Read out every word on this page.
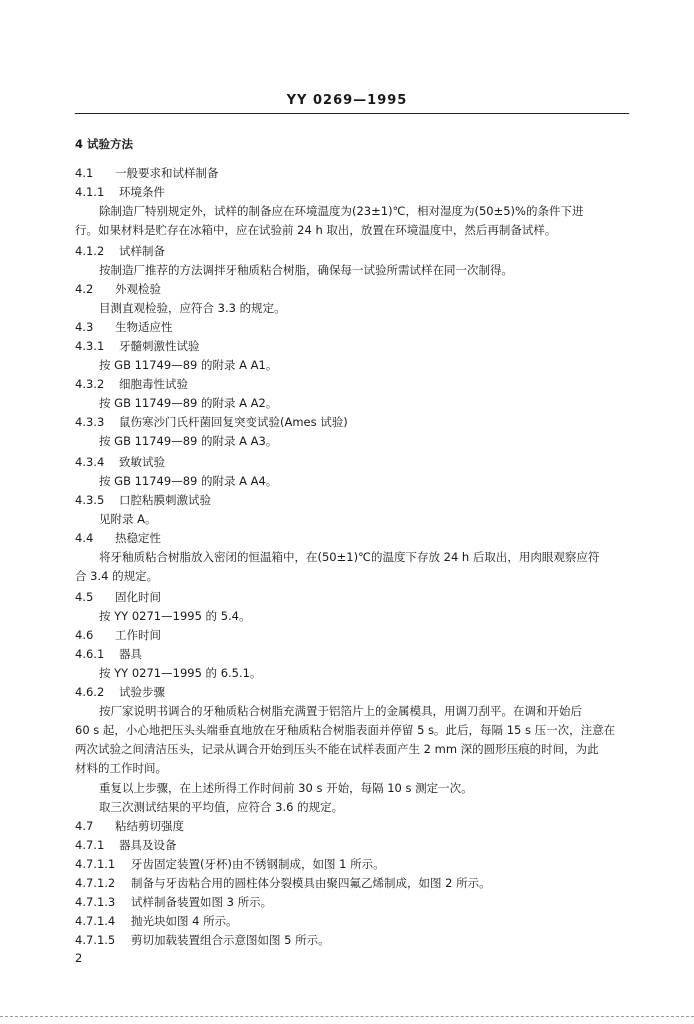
YY 0269—1995
4 试验方法
4.1 一般要求和试样制备
4.1.1 环境条件
除制造厂特别规定外，试样的制备应在环境温度为(23±1)℃，相对湿度为(50±5)%的条件下进
行。如果材料是贮存在冰箱中，应在试验前 24 h 取出，放置在环境温度中，然后再制备试样。
4.1.2 试样制备
按制造厂推荐的方法调拌牙釉质粘合树脂，确保每一试验所需试样在同一次制得。
4.2 外观检验
目测直观检验，应符合 3.3 的规定。
4.3 生物适应性
4.3.1 牙髓刺激性试验
按 GB 11749—89 的附录 A A1。
4.3.2 细胞毒性试验
按 GB 11749—89 的附录 A A2。
4.3.3 鼠伤寒沙门氏杆菌回复突变试验(Ames 试验)
按 GB 11749—89 的附录 A A3。
4.3.4 致敏试验
按 GB 11749—89 的附录 A A4。
4.3.5 口腔粘膜刺激试验
见附录 A。
4.4 热稳定性
将牙釉质粘合树脂放入密闭的恒温箱中，在(50±1)℃的温度下存放 24 h 后取出，用肉眼观察应符
合 3.4 的规定。
4.5 固化时间
按 YY 0271—1995 的 5.4。
4.6 工作时间
4.6.1 器具
按 YY 0271—1995 的 6.5.1。
4.6.2 试验步骤
按厂家说明书调合的牙釉质粘合树脂充满置于铝箔片上的金属模具，用调刀刮平。在调和开始后
60 s 起，小心地把压头头端垂直地放在牙釉质粘合树脂表面并停留 5 s。此后，每隔 15 s 压一次，注意在
两次试验之间清洁压头，记录从调合开始到压头不能在试样表面产生 2 mm 深的圆形压痕的时间，为此
材料的工作时间。
重复以上步骤，在上述所得工作时间前 30 s 开始，每隔 10 s 测定一次。
取三次测试结果的平均值，应符合 3.6 的规定。
4.7 粘结剪切强度
4.7.1 器具及设备
4.7.1.1 牙齿固定装置(牙杯)由不锈钢制成，如图 1 所示。
4.7.1.2 制备与牙齿粘合用的圆柱体分裂模具由聚四氟乙烯制成，如图 2 所示。
4.7.1.3 试样制备装置如图 3 所示。
4.7.1.4 抛光块如图 4 所示。
4.7.1.5 剪切加载装置组合示意图如图 5 所示。
2
